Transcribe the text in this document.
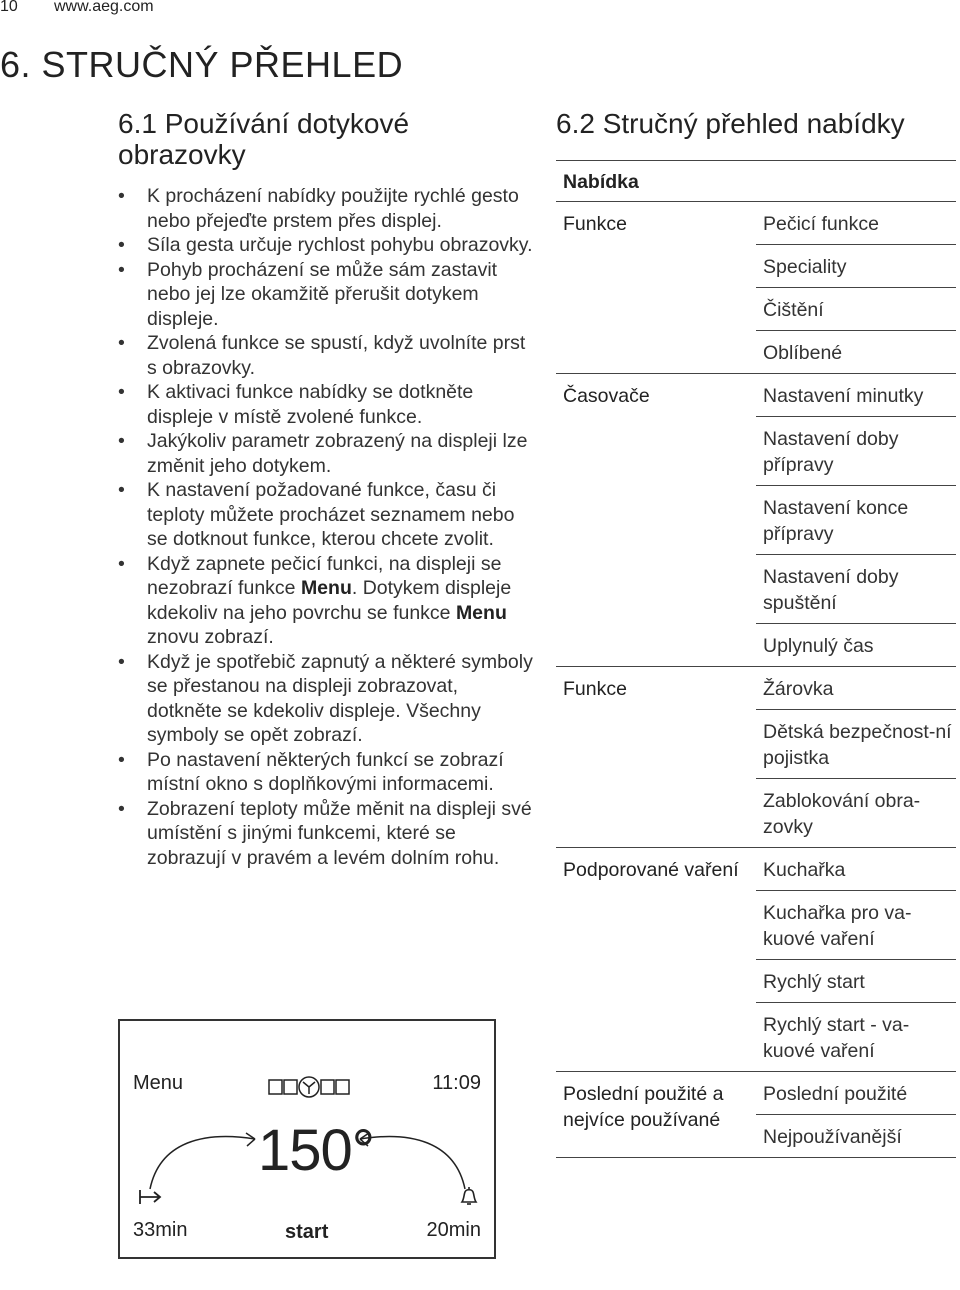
10 www.aeg.com
6. STRUČNÝ PŘEHLED
6.1 Používání dotykové obrazovky
• K procházení nabídky použijte rychlé gesto nebo přejeďte prstem přes displej.
• Síla gesta určuje rychlost pohybu obrazovky.
• Pohyb procházení se může sám zastavit nebo jej lze okamžitě přerušit dotykem displeje.
• Zvolená funkce se spustí, když uvolníte prst s obrazovky.
• K aktivaci funkce nabídky se dotkněte displeje v místě zvolené funkce.
• Jakýkoliv parametr zobrazený na displeji lze změnit jeho dotykem.
• K nastavení požadované funkce, času či teploty můžete procházet seznamem nebo se dotknout funkce, kterou chcete zvolit.
• Když zapnete pečicí funkci, na displeji se nezobrazí funkce Menu. Dotykem displeje kdekoliv na jeho povrchu se funkce Menu znovu zobrazí.
• Když je spotřebič zapnutý a některé symboly se přestanou na displeji zobrazovat, dotkněte se kdekoliv displeje. Všechny symboly se opět zobrazí.
• Po nastavení některých funkcí se zobrazí místní okno s doplňkovými informacemi.
• Zobrazení teploty může měnit na displeji své umístění s jinými funkcemi, které se zobrazují v pravém a levém dolním rohu.
Menu	11:09
150°
33min	start	20min
6.2 Stručný přehled nabídky
Nabídka
Funkce	Pečicí funkce
Speciality
Čištění
Oblíbené
Časovače	Nastavení minutky
Nastavení doby přípravy
Nastavení konce přípravy
Nastavení doby spuštění
Uplynulý čas
Funkce	Žárovka
Dětská bezpečnost-ní pojistka
Zablokování obra-zovky
Podporované vaření	Kuchařka
Kuchařka pro va-kuové vaření
Rychlý start
Rychlý start - va-kuové vaření
Poslední použité a nejvíce používané
Poslední použité
Nejpoužívanější
